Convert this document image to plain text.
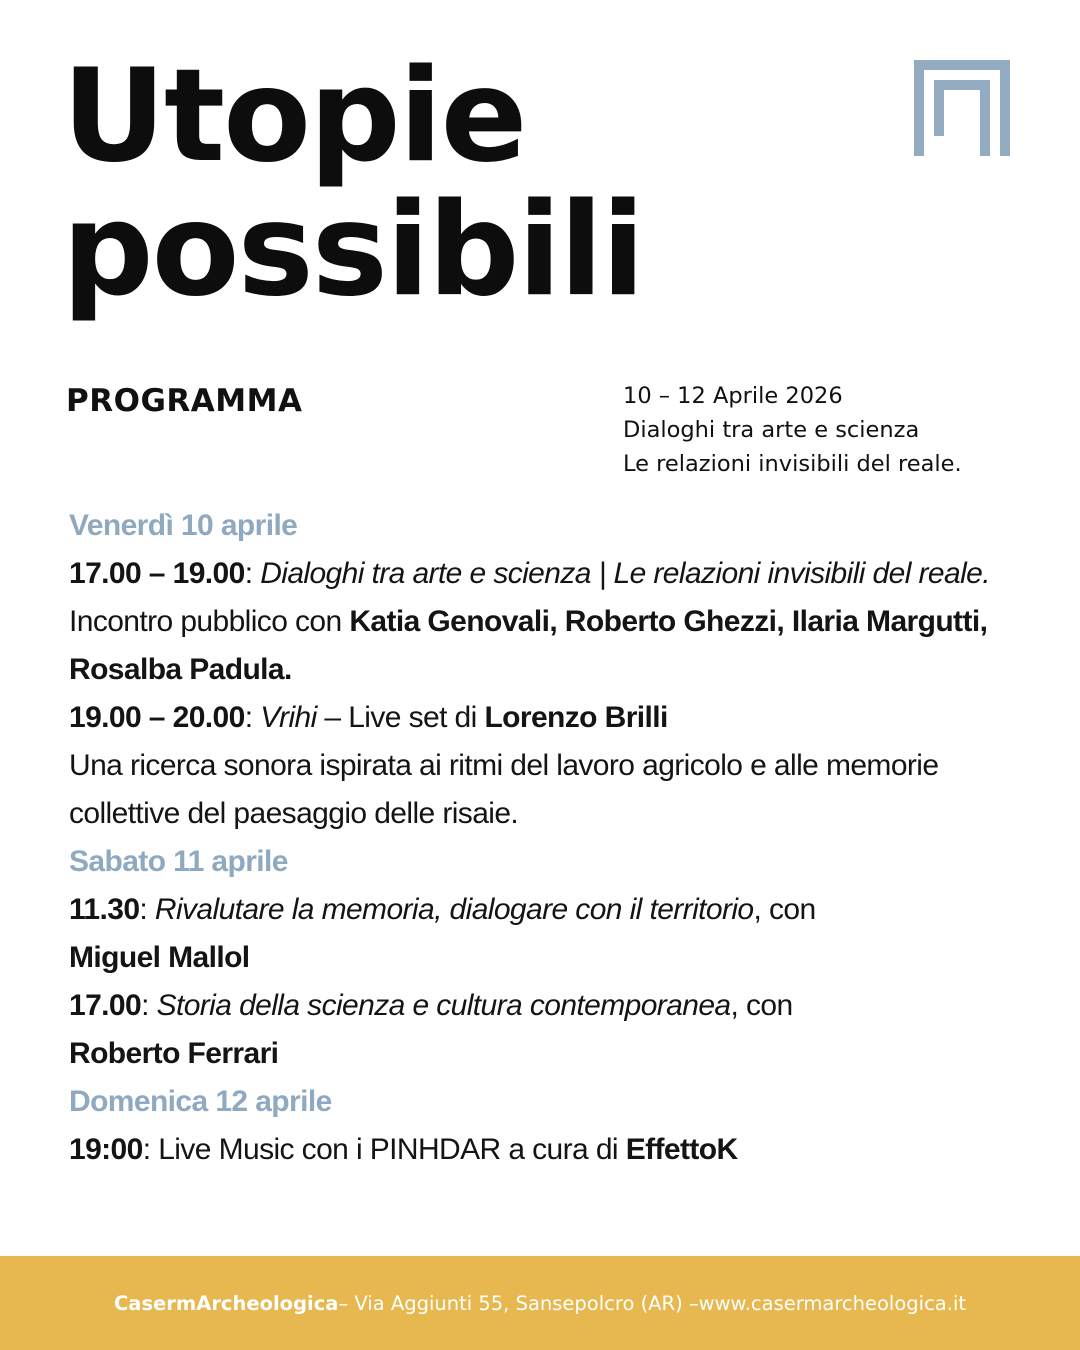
Utopie
possibili
PROGRAMMA	10 – 12 Aprile 2026
Dialoghi tra arte e scienza
Le relazioni invisibili del reale.

Venerdì 10 aprile

17.00 – 19.00: Dialoghi tra arte e scienza | Le relazioni invisibili del reale.

Incontro pubblico con Katia Genovali, Roberto Ghezzi, Ilaria Margutti, Rosalba Padula.

19.00 – 20.00: Vrihi – Live set di Lorenzo Brilli

Una ricerca sonora ispirata ai ritmi del lavoro agricolo e alle memorie collettive del paesaggio delle risaie.

Sabato 11 aprile

11.30: Rivalutare la memoria, dialogare con il territorio, con
Miguel Mallol

17.00: Storia della scienza e cultura contemporanea, con
Roberto Ferrari

Domenica 12 aprile

19:00: Live Music con i PINHDAR a cura di EffettoK

CasermArcheologica – Via Aggiunti 55, Sansepolcro (AR) – www.casermarcheologica.it
